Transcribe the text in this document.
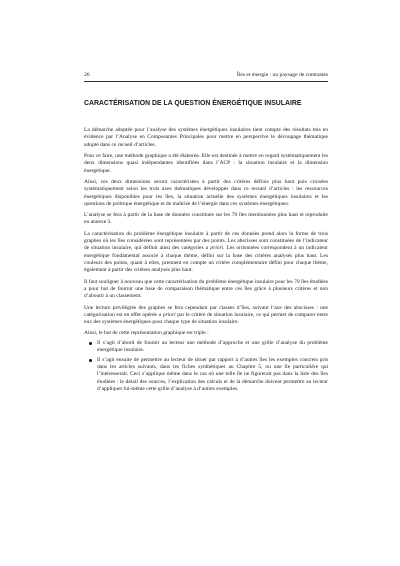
26	Îles et énergie : un paysage de contrastes
CARACTÉRISATION DE LA QUESTION ÉNERGÉTIQUE INSULAIRE

La démarche adoptée pour l’analyse des systèmes énergétiques insulaires tient compte des résultats mis en évidence par l’Analyse en Composantes Principales pour mettre en perspective le découpage thématique adopté dans ce recueil d’articles.

Pour ce faire, une méthode graphique a été élaborée. Elle est destinée à mettre en regard systématiquement les deux dimensions quasi indépendantes identifiées dans l’ACP : la situation insulaire et la dimension énergétique.

Ainsi, ces deux dimensions seront caractérisées à partir des critères définis plus haut puis croisées systématiquement selon les trois axes thématiques développés dans ce recueil d’articles : les ressources énergétiques disponibles pour les îles, la situation actuelle des systèmes énergétiques insulaires et les questions de politique énergétique et de maîtrise de l’énergie dans ces systèmes énergétiques.

L’analyse se fera à partir de la base de données constituée sur les 70 îles mentionnées plus haut et reproduite en annexe 3.

La caractérisation du problème énergétique insulaire à partir de ces données prend alors la forme de trois graphes où les îles considérées sont représentées par des points. Les abscisses sont constituées de l’indicateur de situation insulaire, qui définit ainsi des catégories a priori. Les ordonnées correspondent à un indicateur énergétique fondamental associé à chaque thème, défini sur la base des critères analysés plus haut. Les couleurs des points, quant à elles, prennent en compte un critère complémentaire défini pour chaque thème, également à partir des critères analysés plus haut.

Il faut souligner à nouveau que cette caractérisation du problème énergétique insulaire pour les 70 îles étudiées a pour but de fournir une base de comparaison thématique entre ces îles grâce à plusieurs critères et non d’aboutir à un classement.

Une lecture privilégiée des graphes se fera cependant par classes d’îles, suivant l’axe des abscisses : une catégorisation est en effet opérée a priori par le critère de situation insulaire, ce qui permet de comparer entre eux des systèmes énergétiques pour chaque type de situation insulaire.

Ainsi, le but de cette représentation graphique est triple :

Il s’agit d’abord de fournir au lecteur une méthode d’approche et une grille d’analyse du problème énergétique insulaire.
Il s’agit ensuite de permettre au lecteur de situer par rapport à d’autres îles les exemples concrets pris dans les articles suivants, dans les fiches synthétiques au Chapitre 5, ou une île particulière qui l’intéresserait. Ceci s’applique même dans le cas où une telle île ne figurerait pas dans la liste des îles étudiées : le détail des sources, l’explication des calculs et de la démarche doivent permettre au lecteur d’appliquer lui-même cette grille d’analyse à d’autres exemples.
